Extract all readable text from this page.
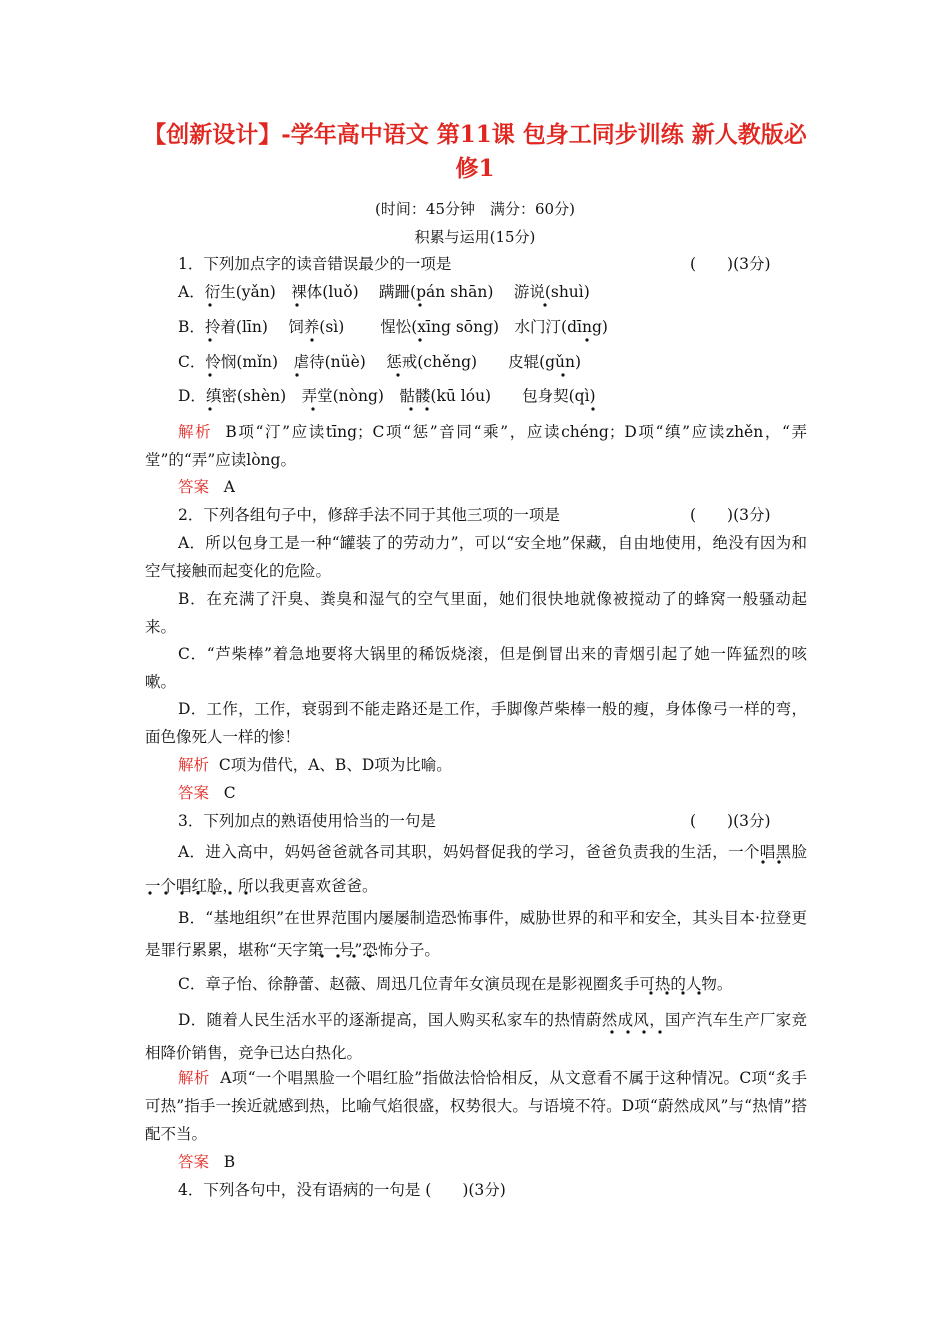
【创新设计】-学年高中语文 第11课 包身工同步训练 新人教版必
修1
(时间：45分钟　满分：60分)
积累与运用(15分)
1．下列加点字的读音错误最少的一项是	(　　)(3分)
A．衍生(yǎn)　裸体(luǒ)　 蹒跚(pán shān)　 游说(shuì)
B．拎着(līn)　 饲养(sì)　　 惺忪(xīng sōng)　水门汀(dīng)
C．怜悯(mǐn)　虐待(nüè)　 惩戒(chěng)　　皮辊(gǔn)
D．缜密(shèn)　弄堂(nòng)　骷髅(kū lóu)　　包身契(qì)
解析 B项“汀”应读tīng；C项“惩”音同“乘”，应读chéng；D项“缜”应读zhěn，“弄堂”的“弄”应读lòng。
答案 A
2．下列各组句子中，修辞手法不同于其他三项的一项是	(　　)(3分)
A．所以包身工是一种“罐装了的劳动力”，可以“安全地”保藏，自由地使用，绝没有因为和空气接触而起变化的危险。
B．在充满了汗臭、粪臭和湿气的空气里面，她们很快地就像被搅动了的蜂窝一般骚动起来。
C．“芦柴棒”着急地要将大锅里的稀饭烧滚，但是倒冒出来的青烟引起了她一阵猛烈的咳嗽。
D．工作，工作，衰弱到不能走路还是工作，手脚像芦柴棒一般的瘦，身体像弓一样的弯，面色像死人一样的惨！
解析 C项为借代，A、B、D项为比喻。
答案 C
3．下列加点的熟语使用恰当的一句是	(　　)(3分)
A．进入高中，妈妈爸爸就各司其职，妈妈督促我的学习，爸爸负责我的生活，一个唱黑脸一个唱红脸，所以我更喜欢爸爸。
B．“基地组织”在世界范围内屡屡制造恐怖事件，威胁世界的和平和安全，其头目本·拉登更是罪行累累，堪称“天字第一号”恐怖分子。
C．章子怡、徐静蕾、赵薇、周迅几位青年女演员现在是影视圈炙手可热的人物。
D．随着人民生活水平的逐渐提高，国人购买私家车的热情蔚然成风，国产汽车生产厂家竞相降价销售，竞争已达白热化。
解析 A项“一个唱黑脸一个唱红脸”指做法恰恰相反，从文意看不属于这种情况。C项“炙手可热”指手一挨近就感到热，比喻气焰很盛，权势很大。与语境不符。D项“蔚然成风”与“热情”搭配不当。
答案 B
4．下列各句中，没有语病的一句是 (　　)(3分)
